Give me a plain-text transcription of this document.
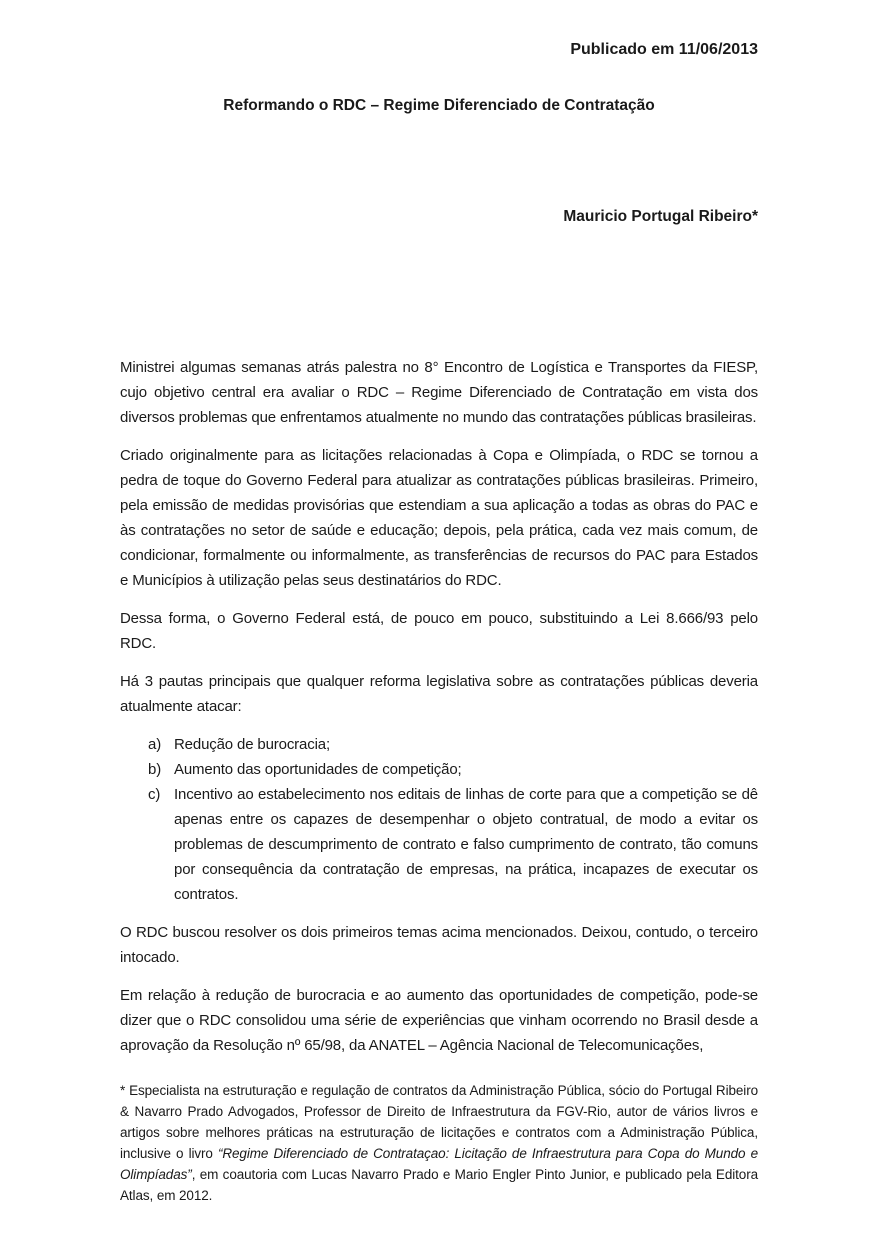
Publicado em 11/06/2013
Reformando o RDC – Regime Diferenciado de Contratação
Mauricio Portugal Ribeiro*

Ministrei algumas semanas atrás palestra no 8° Encontro de Logística e Transportes da FIESP, cujo objetivo central era avaliar o RDC – Regime Diferenciado de Contratação em vista dos diversos problemas que enfrentamos atualmente no mundo das contratações públicas brasileiras.

Criado originalmente para as licitações relacionadas à Copa e Olimpíada, o RDC se tornou a pedra de toque do Governo Federal para atualizar as contratações públicas brasileiras. Primeiro, pela emissão de medidas provisórias que estendiam a sua aplicação a todas as obras do PAC e às contratações no setor de saúde e educação; depois, pela prática, cada vez mais comum, de condicionar, formalmente ou informalmente, as transferências de recursos do PAC para Estados e Municípios à utilização pelas seus destinatários do RDC.

Dessa forma, o Governo Federal está, de pouco em pouco, substituindo a Lei 8.666/93 pelo RDC.

Há 3 pautas principais que qualquer reforma legislativa sobre as contratações públicas deveria atualmente atacar:

a) Redução de burocracia;
b) Aumento das oportunidades de competição;
c) Incentivo ao estabelecimento nos editais de linhas de corte para que a competição se dê apenas entre os capazes de desempenhar o objeto contratual, de modo a evitar os problemas de descumprimento de contrato e falso cumprimento de contrato, tão comuns por consequência da contratação de empresas, na prática, incapazes de executar os contratos.

O RDC buscou resolver os dois primeiros temas acima mencionados. Deixou, contudo, o terceiro intocado.

Em relação à redução de burocracia e ao aumento das oportunidades de competição, pode-se dizer que o RDC consolidou uma série de experiências que vinham ocorrendo no Brasil desde a aprovação da Resolução nº 65/98, da ANATEL – Agência Nacional de Telecomunicações,

* Especialista na estruturação e regulação de contratos da Administração Pública, sócio do Portugal Ribeiro & Navarro Prado Advogados, Professor de Direito de Infraestrutura da FGV-Rio, autor de vários livros e artigos sobre melhores práticas na estruturação de licitações e contratos com a Administração Pública, inclusive o livro “Regime Diferenciado de Contrataçao: Licitação de Infraestrutura para Copa do Mundo e Olimpíadas”, em coautoria com Lucas Navarro Prado e Mario Engler Pinto Junior, e publicado pela Editora Atlas, em 2012.
